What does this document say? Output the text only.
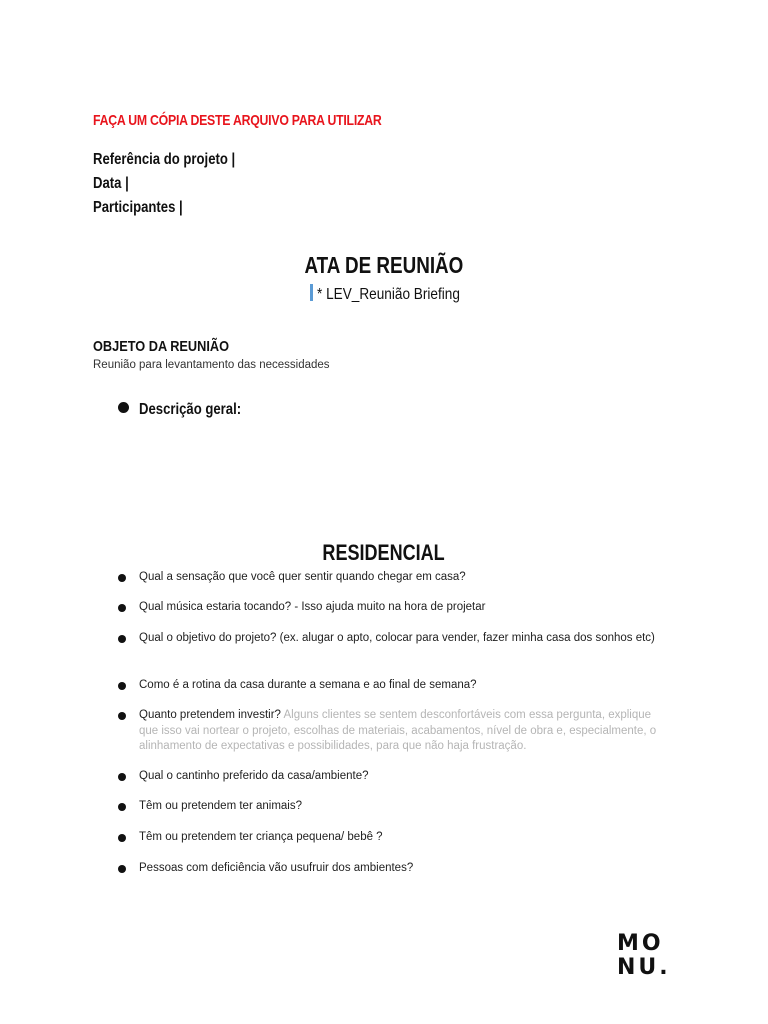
FAÇA UM CÓPIA DESTE ARQUIVO PARA UTILIZAR
Referência do projeto |
Data |
Participantes |
ATA DE REUNIÃO
* LEV_Reunião Briefing
OBJETO DA REUNIÃO
Reunião para levantamento das necessidades
Descrição geral:
RESIDENCIAL
Qual a sensação que você quer sentir quando chegar em casa?
Qual música estaria tocando? - Isso ajuda muito na hora de projetar
Qual o objetivo do projeto? (ex. alugar o apto, colocar para vender, fazer minha casa dos sonhos etc)
Como é a rotina da casa durante a semana e ao final de semana?
Quanto pretendem investir? Alguns clientes se sentem desconfortáveis com essa pergunta, explique que isso vai nortear o projeto, escolhas de materiais, acabamentos, nível de obra e, especialmente, o alinhamento de expectativas e possibilidades, para que não haja frustração.
Qual o cantinho preferido da casa/ambiente?
Têm ou pretendem ter animais?
Têm ou pretendem ter criança pequena/ bebê ?
Pessoas com deficiência vão usufruir dos ambientes?
MO
NU.
